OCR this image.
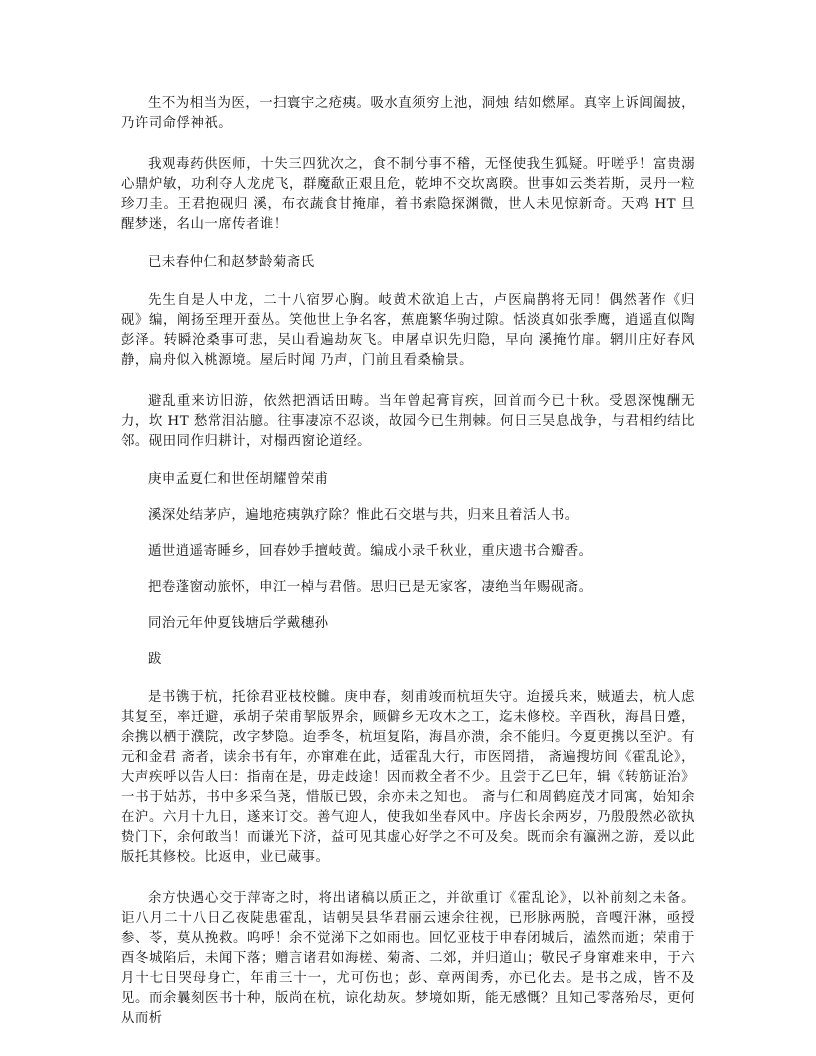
生不为相当为医，一扫寰宇之疮痍。吸水直须穷上池，洞烛 结如燃犀。真宰上诉阊阖披，乃许司命俘神祇。

我观毒药供医师，十失三四犹次之，食不制兮事不稽，无怪使我生狐疑。吁嗟乎！富贵溺心鼎炉敏，功利夺人龙虎飞，群魔歃正艰且危，乾坤不交坎离睽。世事如云类若斯，灵丹一粒珍刀圭。王君抱砚归 溪，布衣蔬食甘掩扉，着书索隐探渊微，世人未见惊新奇。天鸡 HT 旦醒梦迷，名山一席传者谁！

已未春仲仁和赵梦龄菊斋氏

先生自是人中龙，二十八宿罗心胸。岐黄术欲追上古，卢医扁鹊将无同！偶然著作《归砚》编，阐扬至理开蚕丛。笑他世上争名客，蕉鹿繁华驹过隙。恬淡真如张季鹰，逍遥直似陶彭泽。转瞬沧桑事可悲，吴山看遍劫灰飞。申屠卓识先归隐，早向 溪掩竹扉。辋川庄好春风静，扁舟似入桃源境。屋后时闻 乃声，门前且看桑榆景。

避乱重来访旧游，依然把酒话田畴。当年曾起膏肓疾，回首而今已十秋。受恩深愧酬无力，坎 HT 愁常泪沾臆。往事凄凉不忍谈，故园今已生荆棘。何日三吴息战争，与君相约结比邻。砚田同作归耕计，对榻西窗论道经。

庚申孟夏仁和世侄胡耀曾荣甫

溪深处结茅庐，遍地疮痍孰疗除？惟此石交堪与共，归来且着活人书。

遁世逍遥寄睡乡，回春妙手擅岐黄。编成小录千秋业，重庆遗书合瓣香。

把卷蓬窗动旅怀，申江一棹与君偕。思归已是无家客，凄绝当年赐砚斋。

同治元年仲夏钱塘后学戴穗孙

跋

是书镌于杭，托徐君亚枝校雠。庚申春，刻甫竣而杭垣失守。迨援兵来，贼遁去，杭人虑其复至，率迁避，承胡子荣甫挈版界余，顾僻乡无攻木之工，迄未修校。辛酉秋，海昌日蹙，余携以栖于濮院，改字梦隐。迨季冬，杭垣复陷，海昌亦溃，余不能归。今夏更携以至沪。有元和金君 斋者，读余书有年，亦窜难在此，适霍乱大行，市医罔措， 斋遍搜坊间《霍乱论》，大声疾呼以告人曰：指南在是，毋走歧途！因而救全者不少。且尝于乙巳年，辑《转筋证治》一书于姑苏，书中多采刍荛，惜版已毁，余亦未之知也。 斋与仁和周鹤庭茂才同寓，始知余在沪。六月十九日，遂来订交。善气迎人，使我如坐春风中。序齿长余两岁，乃殷殷然必欲执贽门下，余何敢当！而谦光下济，益可见其虚心好学之不可及矣。既而余有瀛洲之游，爰以此版托其修校。比返申，业已蒇事。

余方快遇心交于萍寄之时，将出诸稿以质正之，并欲重订《霍乱论》，以补前刻之未备。讵八月二十八日乙夜陡患霍乱，诘朝吴县华君丽云速余往视，已形脉两脱，音嘎汗淋，亟授参、苓，莫从挽救。呜呼！余不觉涕下之如雨也。回忆亚枝于申春闭城后，溘然而逝；荣甫于酉冬城陷后，未闻下落；赠言诸君如海槎、菊斋、二郊，并归道山；敬民孑身窜难来申，于六月十七日哭母身亡，年甫三十一，尤可伤也；彭、章两闺秀，亦已化去。是书之成，皆不及见。而余曩刻医书十种，版尚在杭，谅化劫灰。梦境如斯，能无感慨？且知己零落殆尽，更何从而析
